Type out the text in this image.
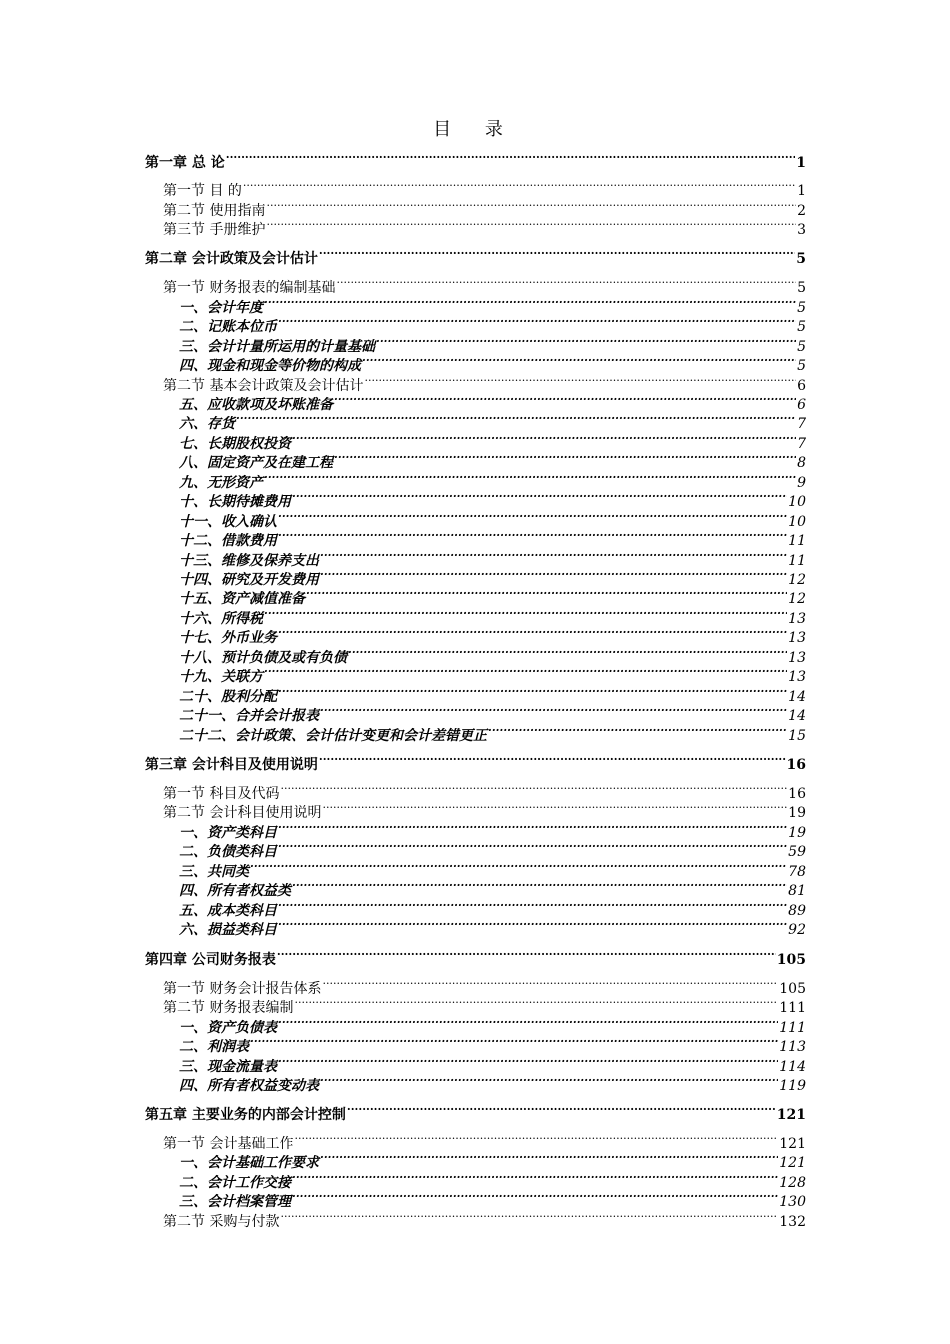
目 录
第一章 总 论 .....	1
第一节 目 的 .....	1
第二节 使用指南 .....	2
第三节 手册维护 .....	3
第二章 会计政策及会计估计 .....	5
第一节 财务报表的编制基础 .....	5
一、会计年度 .....	5
二、记账本位币 .....	5
三、会计计量所运用的计量基础 .....	5
四、现金和现金等价物的构成 .....	5
第二节 基本会计政策及会计估计 .....	6
五、应收款项及坏账准备 .....	6
六、存货 .....	7
七、长期股权投资 .....	7
八、固定资产及在建工程 .....	8
九、无形资产 .....	9
十、长期待摊费用 .....	10
十一、收入确认 .....	10
十二、借款费用 .....	11
十三、维修及保养支出 .....	11
十四、研究及开发费用 .....	12
十五、资产减值准备 .....	12
十六、所得税 .....	13
十七、外币业务 .....	13
十八、预计负债及或有负债 .....	13
十九、关联方 .....	13
二十、股利分配 .....	14
二十一、合并会计报表 .....	14
二十二、会计政策、会计估计变更和会计差错更正 .....	15
第三章 会计科目及使用说明 .....	16
第一节 科目及代码 .....	16
第二节 会计科目使用说明 .....	19
一、资产类科目 .....	19
二、负债类科目 .....	59
三、共同类 .....	78
四、所有者权益类 .....	81
五、成本类科目 .....	89
六、损益类科目 .....	92
第四章 公司财务报表 .....	105
第一节 财务会计报告体系 .....	105
第二节 财务报表编制 .....	111
一、资产负债表 .....	111
二、利润表 .....	113
三、现金流量表 .....	114
四、所有者权益变动表 .....	119
第五章 主要业务的内部会计控制 .....	121
第一节 会计基础工作 .....	121
一、会计基础工作要求 .....	121
二、会计工作交接 .....	128
三、会计档案管理 .....	130
第二节 采购与付款 .....	132
